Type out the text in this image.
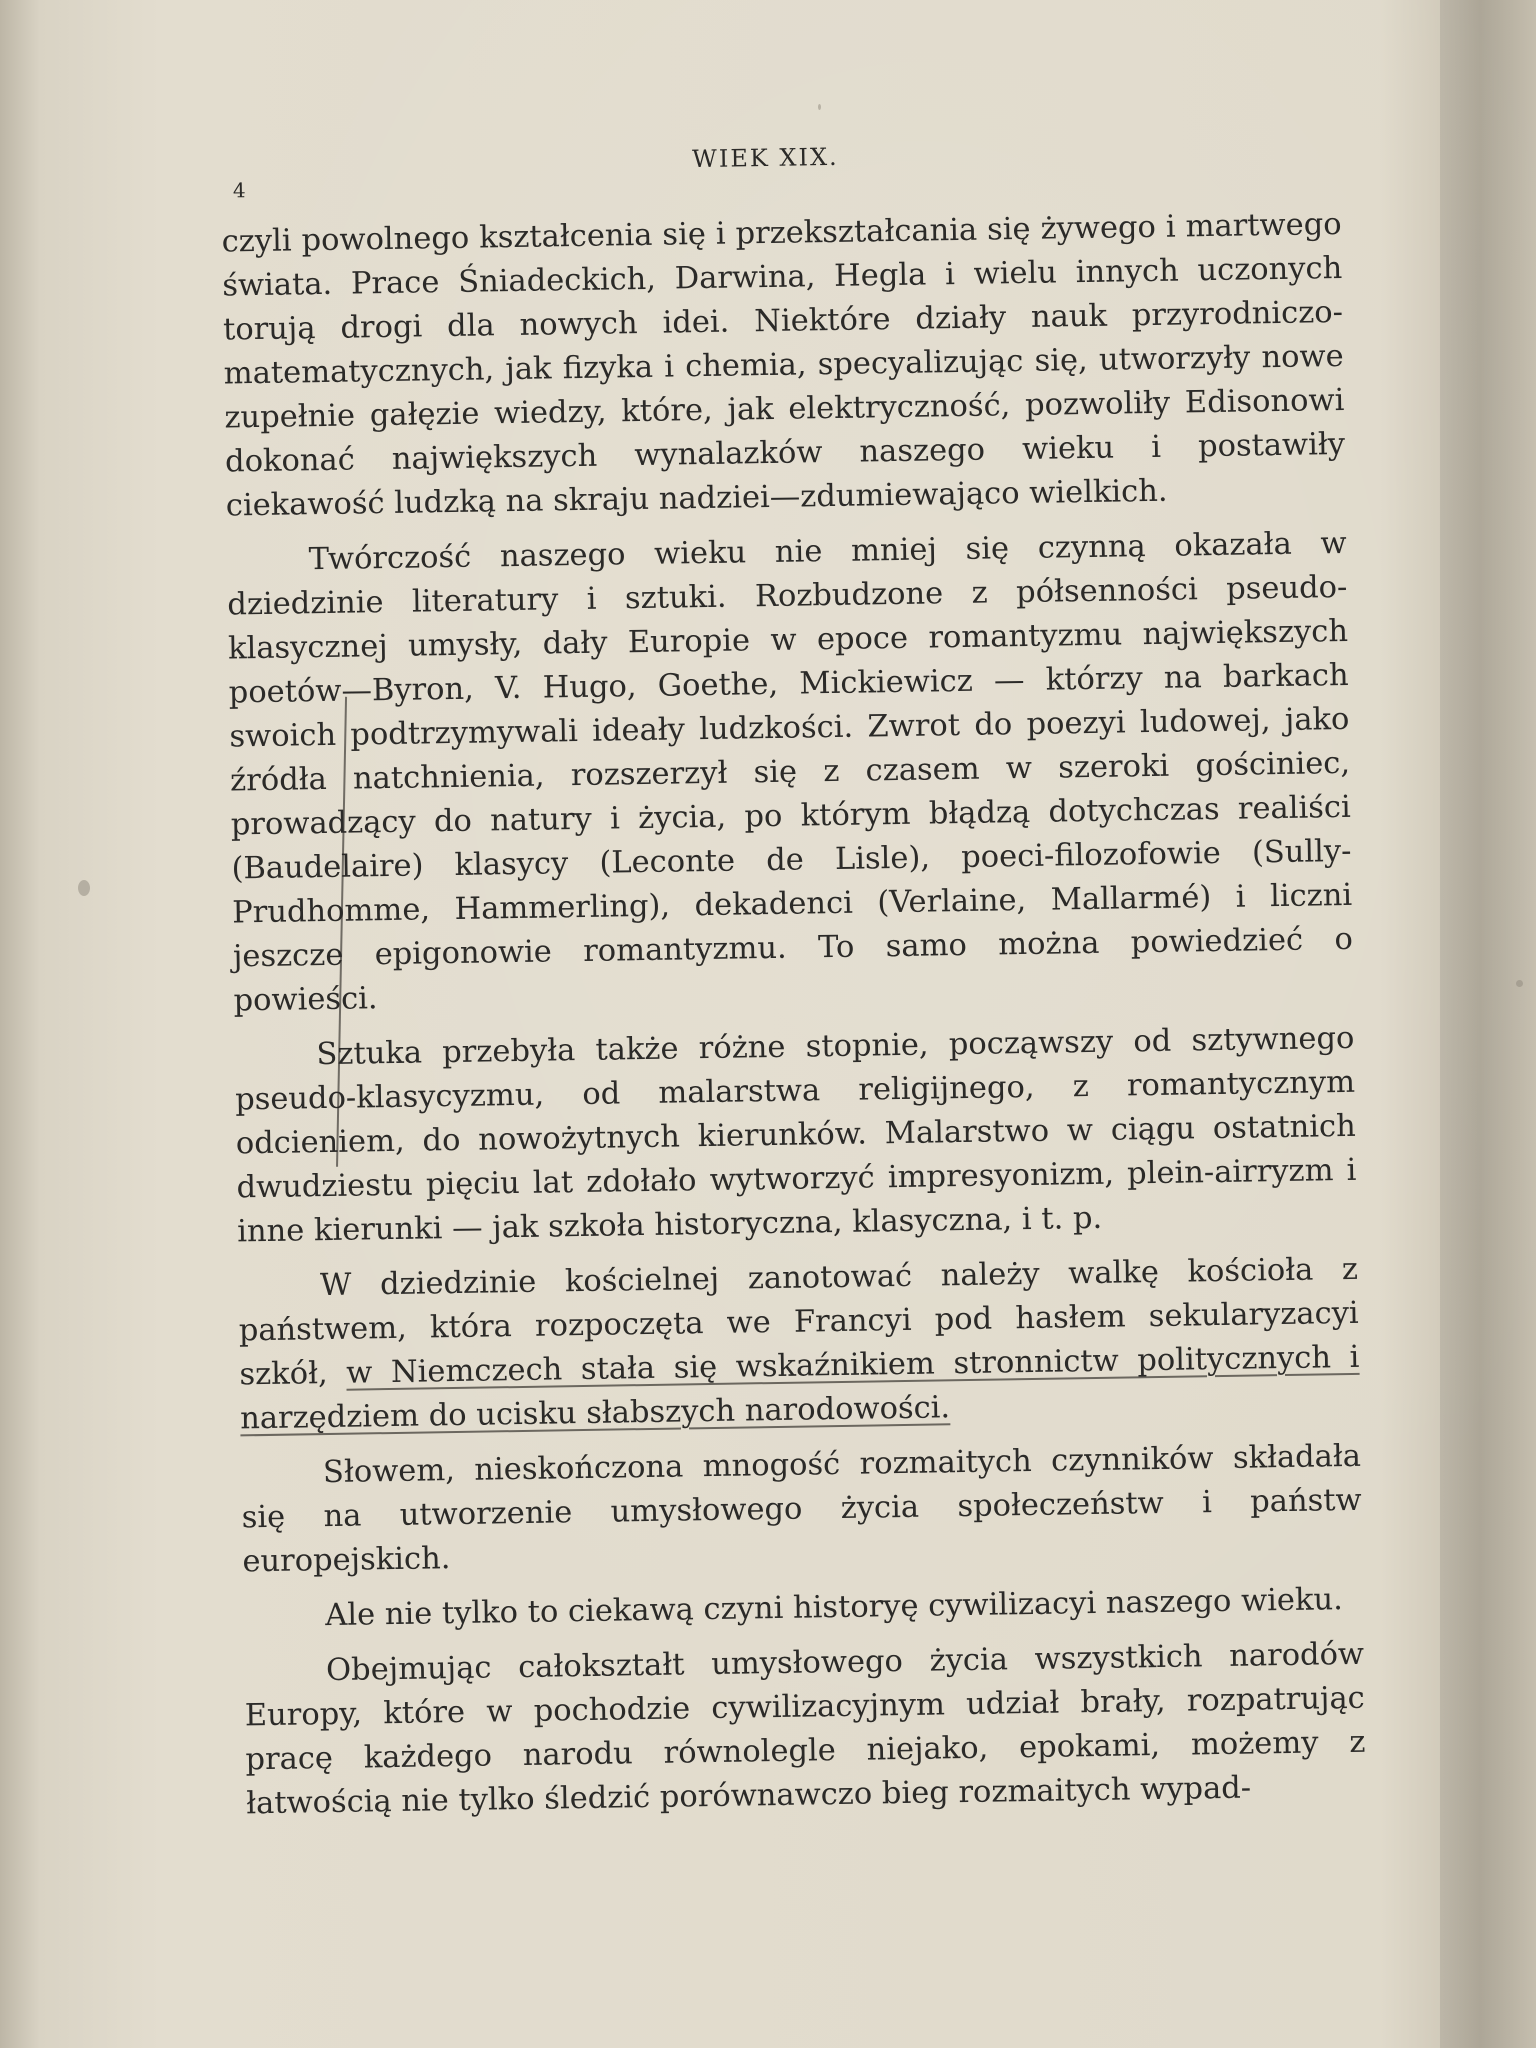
4

WIEK XIX.

czyli powolnego kształcenia się i przekształcania się żywego i martwego świata. Prace Śniadeckich, Darwina, Hegla i wielu innych uczonych torują drogi dla nowych idei. Niektóre działy nauk przyrodniczo-matematycznych, jak fizyka i chemia, specyalizując się, utworzyły nowe zupełnie gałęzie wiedzy, które, jak elektryczność, pozwoliły Edisonowi dokonać największych wynalazków naszego wieku i postawiły ciekawość ludzką na skraju nadziei—zdumiewająco wielkich.

Twórczość naszego wieku nie mniej się czynną okazała w dziedzinie literatury i sztuki. Rozbudzone z półsenności pseudo-klasycznej umysły, dały Europie w epoce romantyzmu największych poetów—Byron, V. Hugo, Goethe, Mickiewicz — którzy na barkach swoich podtrzymywali ideały ludzkości. Zwrot do poezyi ludowej, jako źródła natchnienia, rozszerzył się z czasem w szeroki gościniec, prowadzący do natury i życia, po którym błądzą dotychczas realiści (Baudelaire) klasycy (Leconte de Lisle), poeci-filozofowie (Sully-Prudhomme, Hammerling), dekadenci (Verlaine, Mallarmé) i liczni jeszcze epigonowie romantyzmu. To samo można powiedzieć o powieści.

Sztuka przebyła także różne stopnie, począwszy od sztywnego pseudo-klasycyzmu, od malarstwa religijnego, z romantycznym odcieniem, do nowożytnych kierunków. Malarstwo w ciągu ostatnich dwudziestu pięciu lat zdołało wytworzyć impresyonizm, plein-airryzm i inne kierunki — jak szkoła historyczna, klasyczna, i t. p.

W dziedzinie kościelnej zanotować należy walkę kościoła z państwem, która rozpoczęta we Francyi pod hasłem sekularyzacyi szkół, w Niemczech stała się wskaźnikiem stronnictw politycznych i narzędziem do ucisku słabszych narodowości.

Słowem, nieskończona mnogość rozmaitych czynników składała się na utworzenie umysłowego życia społeczeństw i państw europejskich.

Ale nie tylko to ciekawą czyni historyę cywilizacyi naszego wieku.

Obejmując całokształt umysłowego życia wszystkich narodów Europy, które w pochodzie cywilizacyjnym udział brały, rozpatrując pracę każdego narodu równolegle niejako, epokami, możemy z łatwością nie tylko śledzić porównawczo bieg rozmaitych wypad-
